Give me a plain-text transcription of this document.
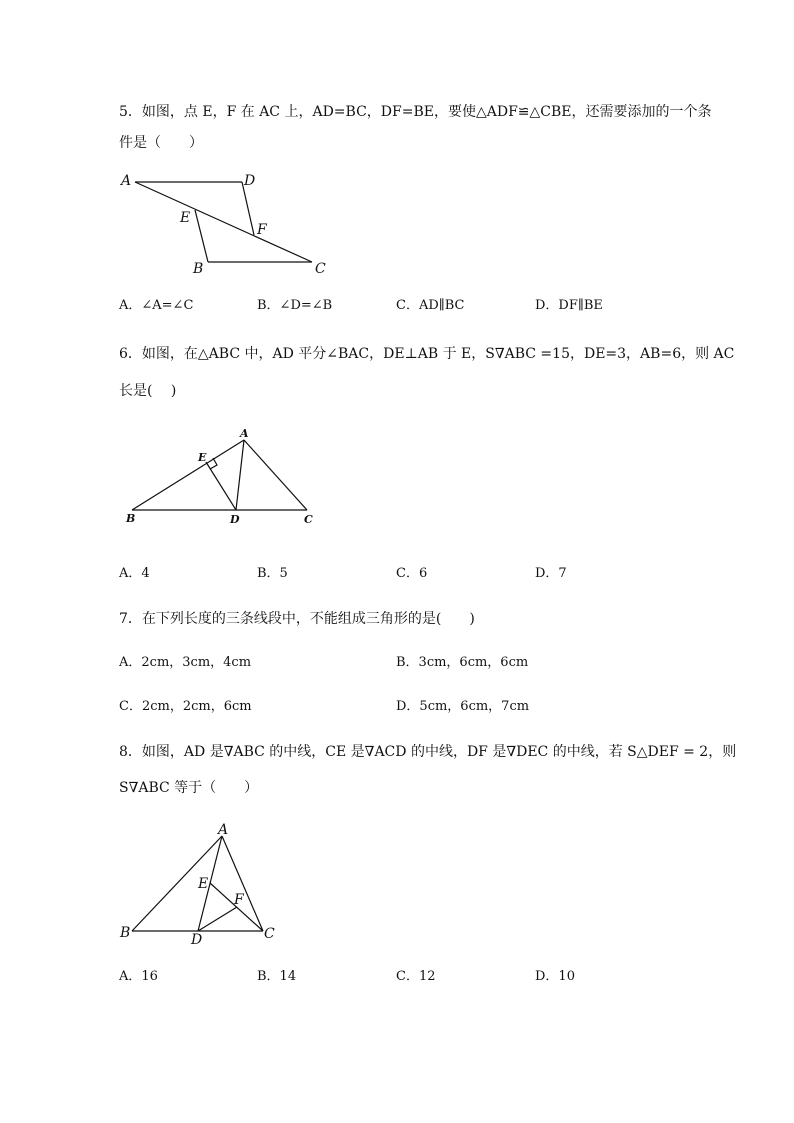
5．如图，点 E，F 在 AC 上，AD=BC，DF=BE，要使△ADF≌△CBE，还需要添加的一个条
件是（　　）
A	D
E
F
B	C
A．∠A=∠C	B．∠D=∠B	C．AD∥BC	D．DF∥BE
6．如图，在△ABC 中，AD 平分∠BAC，DE⊥AB 于 E，S∇ABC =15，DE=3，AB=6，则 AC
长是(　 )
A
E
B	D	C
A．4	B．5	C．6	D．7
7．在下列长度的三条线段中，不能组成三角形的是(　　)
A．2cm，3cm，4cm	B．3cm，6cm，6cm
C．2cm，2cm，6cm	D．5cm，6cm，7cm
8．如图，AD 是∇ABC 的中线，CE 是∇ACD 的中线，DF 是∇DEC 的中线，若 S△DEF = 2，则
S∇ABC 等于（　　）
A
E
F
B	D	C
A．16	B．14	C．12	D．10
